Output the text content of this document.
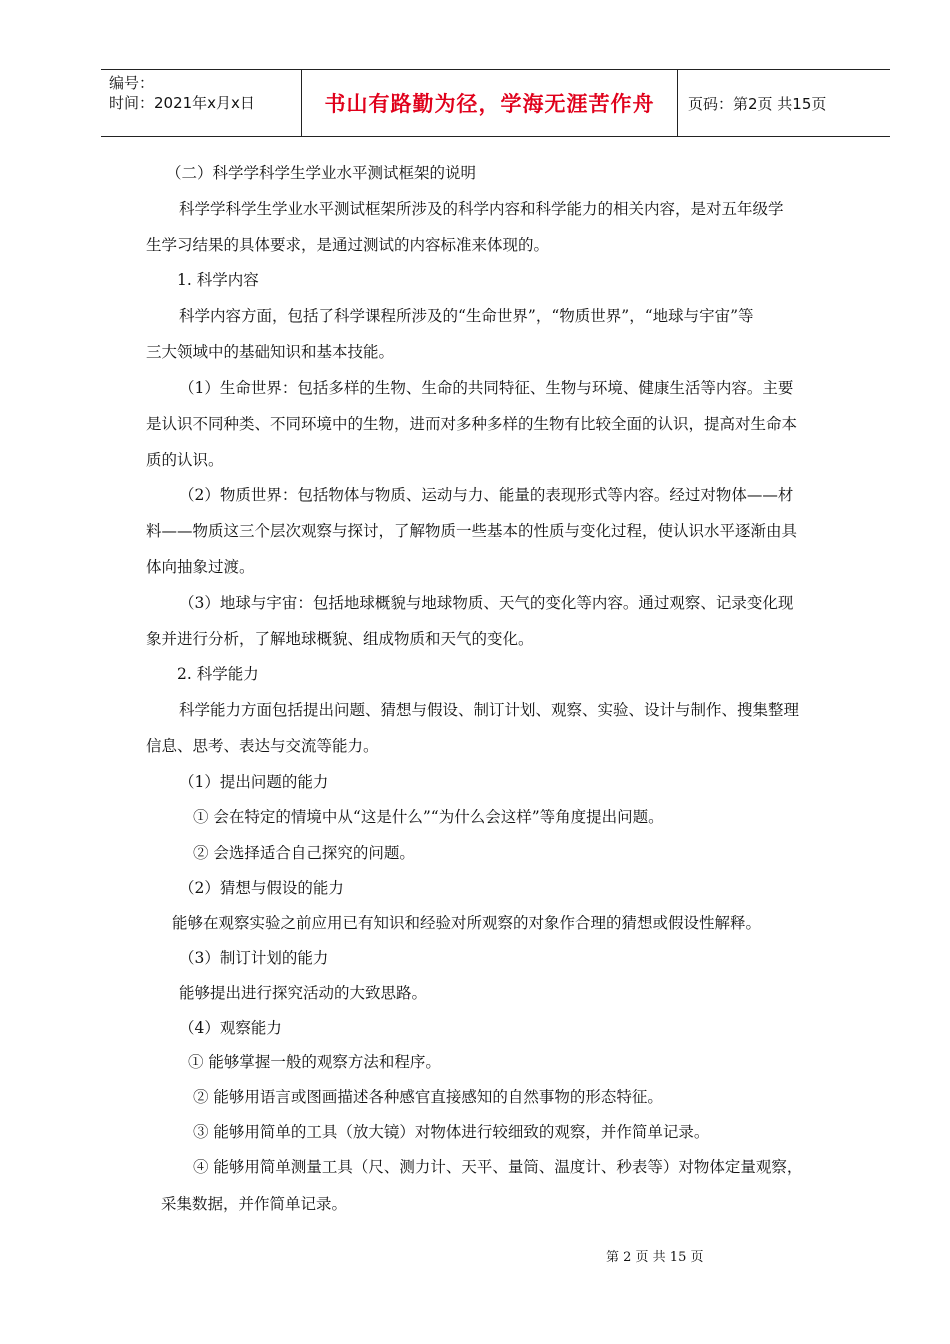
编号：
时间：2021年x月x日	书山有路勤为径，学海无涯苦作舟 页码：第2页 共15页
（二）科学学科学生学业水平测试框架的说明
科学学科学生学业水平测试框架所涉及的科学内容和科学能力的相关内容，是对五年级学
生学习结果的具体要求，是通过测试的内容标准来体现的。
1. 科学内容
科学内容方面，包括了科学课程所涉及的“生命世界”，“物质世界”，“地球与宇宙”等
三大领域中的基础知识和基本技能。
（1）生命世界：包括多样的生物、生命的共同特征、生物与环境、健康生活等内容。主要
是认识不同种类、不同环境中的生物，进而对多种多样的生物有比较全面的认识，提高对生命本
质的认识。
（2）物质世界：包括物体与物质、运动与力、能量的表现形式等内容。经过对物体——材
料——物质这三个层次观察与探讨，了解物质一些基本的性质与变化过程，使认识水平逐渐由具
体向抽象过渡。
（3）地球与宇宙：包括地球概貌与地球物质、天气的变化等内容。通过观察、记录变化现
象并进行分析，了解地球概貌、组成物质和天气的变化。
2. 科学能力
科学能力方面包括提出问题、猜想与假设、制订计划、观察、实验、设计与制作、搜集整理
信息、思考、表达与交流等能力。
（1）提出问题的能力
① 会在特定的情境中从“这是什么”“为什么会这样”等角度提出问题。
② 会选择适合自己探究的问题。
（2）猜想与假设的能力
能够在观察实验之前应用已有知识和经验对所观察的对象作合理的猜想或假设性解释。
（3）制订计划的能力
能够提出进行探究活动的大致思路。
（4）观察能力
① 能够掌握一般的观察方法和程序。
② 能够用语言或图画描述各种感官直接感知的自然事物的形态特征。
③ 能够用简单的工具（放大镜）对物体进行较细致的观察，并作简单记录。
④ 能够用简单测量工具（尺、测力计、天平、量筒、温度计、秒表等）对物体定量观察，
采集数据，并作简单记录。
第 2 页 共 15 页
